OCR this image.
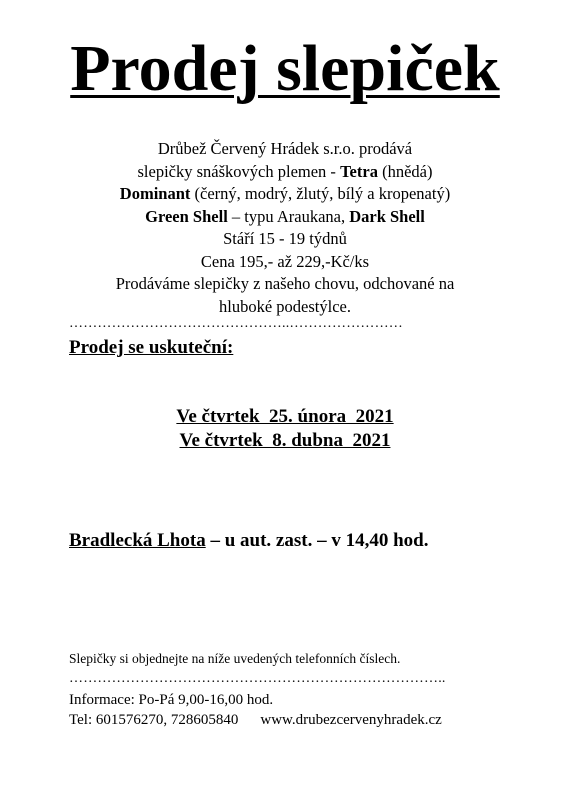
Prodej slepiček
Drůbež Červený Hrádek s.r.o. prodává
slepičky snáškových plemen - Tetra (hnědá)
Dominant (černý, modrý, žlutý, bílý a kropenatý)
Green Shell – typu Araukana, Dark Shell
Stáří 15 - 19 týdnů
Cena 195,- až 229,-Kč/ks
Prodáváme slepičky z našeho chovu, odchované na
hluboké podestýlce.
………………………………………..……………………
Prodej se uskuteční:
Ve čtvrtek  25. února  2021
Ve čtvrtek  8. dubna  2021
Bradlecká Lhota – u aut. zast. – v 14,40 hod.
Slepičky si objednejte na níže uvedených telefonních číslech.
……………………………………………………………………..
Informace: Po-Pá 9,00-16,00 hod.
Tel: 601576270, 728605840 www.drubezcervenyhradek.cz
